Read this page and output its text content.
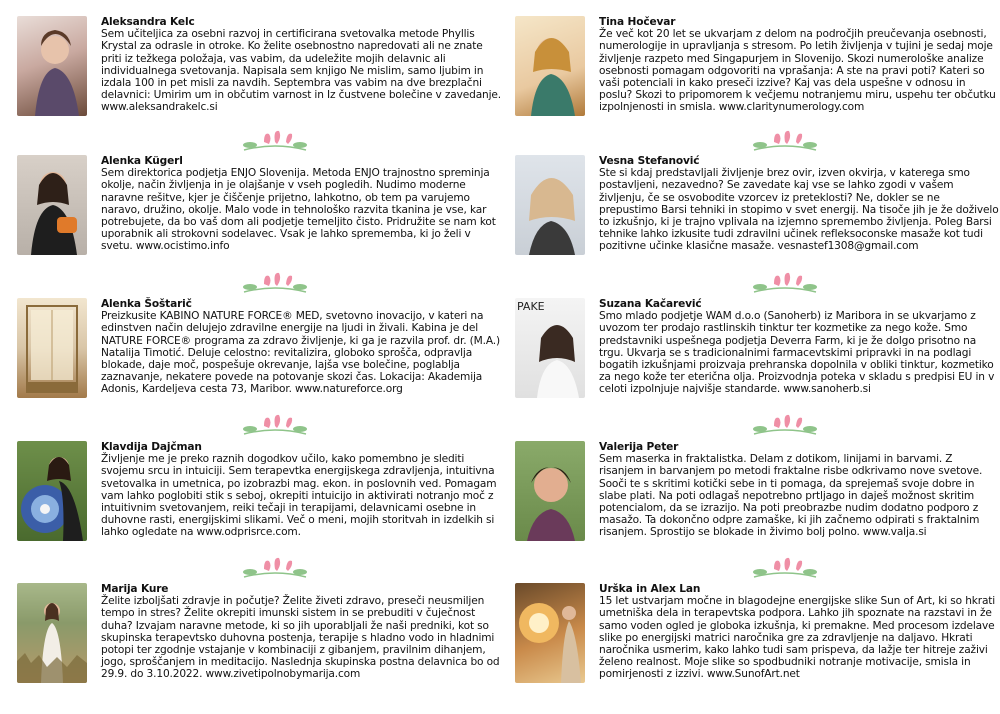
Aleksandra Kelc
Sem učiteljica za osebni razvoj in certificirana svetovalka metode Phyllis Krystal za odrasle in otroke. Ko želite osebnostno napredovati ali ne znate priti iz težkega položaja, vas vabim, da udeležite mojih delavnic ali individualnega svetovanja. Napisala sem knjigo Ne mislim, samo ljubim in izdala 100 in pet misli za navdih. Septembra vas vabim na dve brezplačni delavnici: Umirim um in občutim varnost in Iz čustvene bolečine v zavedanje. www.aleksandrakelc.si
Alenka Kügerl
Sem direktorica podjetja ENJO Slovenija. Metoda ENJO trajnostno spreminja okolje, način življenja in je olajšanje v vseh pogledih. Nudimo moderne naravne rešitve, kjer je čiščenje prijetno, lahkotno, ob tem pa varujemo naravo, družino, okolje. Malo vode in tehnološko razvita tkanina je vse, kar potrebujete, da bo vaš dom ali podjetje temeljito čisto. Pridružite se nam kot uporabnik ali strokovni sodelavec. Vsak je lahko sprememba, ki jo želi v svetu. www.ocistimo.info
Alenka Šoštarič
Preizkusite KABINO NATURE FORCE® MED, svetovno inovacijo, v kateri na edinstven način delujejo zdravilne energije na ljudi in živali. Kabina je del NATURE FORCE® programa za zdravo življenje, ki ga je razvila prof. dr. (M.A.) Natalija Timotić. Deluje celostno: revitalizira, globoko sprošča, odpravlja blokade, daje moč, pospešuje okrevanje, lajša vse bolečine, poglablja zaznavanje, nekatere povede na potovanje skozi čas. Lokacija: Akademija Adonis, Kardeljeva cesta 73, Maribor. www.natureforce.org
Klavdija Dajčman
Življenje me je preko raznih dogodkov učilo, kako pomembno je slediti svojemu srcu in intuiciji. Sem terapevtka energijskega zdravljenja, intuitivna svetovalka in umetnica, po izobrazbi mag. ekon. in poslovnih ved. Pomagam vam lahko poglobiti stik s seboj, okrepiti intuicijo in aktivirati notranjo moč z intuitivnim svetovanjem, reiki tečaji in terapijami, delavnicami osebne in duhovne rasti, energijskimi slikami. Več o meni, mojih storitvah in izdelkih si lahko ogledate na www.odprisrce.com.
Marija Kure
Želite izboljšati zdravje in počutje? Želite živeti zdravo, preseči neusmiljen tempo in stres? Želite okrepiti imunski sistem in se prebuditi v čuječnost duha? Izvajam naravne metode, ki so jih uporabljali že naši predniki, kot so skupinska terapevtsko duhovna postenja, terapije s hladno vodo in hladnimi potopi ter zgodnje vstajanje v kombinaciji z gibanjem, pravilnim dihanjem, jogo, sproščanjem in meditacijo. Naslednja skupinska postna delavnica bo od 29.9. do 3.10.2022. www.zivetipolnobymarija.com
Tina Hočevar
Že več kot 20 let se ukvarjam z delom na področjih preučevanja osebnosti, numerologije in upravljanja s stresom. Po letih življenja v tujini je sedaj moje življenje razpeto med Singapurjem in Slovenijo. Skozi numerološke analize osebnosti pomagam odgovoriti na vprašanja: A ste na pravi poti? Kateri so vaši potenciali in kako preseči izzive? Kaj vas dela uspešne v odnosu in poslu? Skozi to pripomorem k večjemu notranjemu miru, uspehu ter občutku izpolnjenosti in smisla. www.claritynumerology.com
Vesna Stefanović
Ste si kdaj predstavljali življenje brez ovir, izven okvirja, v katerega smo postavljeni, nezavedno? Se zavedate kaj vse se lahko zgodi v vašem življenju, če se osvobodite vzorcev iz preteklosti? Ne, dokler se ne prepustimo Barsi tehniki in stopimo v svet energij. Na tisoče jih je že doživelo to izkušnjo, ki je trajno vplivala na izjemno spremembo življenja. Poleg Barsi tehnike lahko izkusite tudi zdravilni učinek refleksoconske masaže kot tudi pozitivne učinke klasične masaže. vesnastef1308@gmail.com
PAKE	Suzana Kačarević
Smo mlado podjetje WAM d.o.o (Sanoherb) iz Maribora in se ukvarjamo z uvozom ter prodajo rastlinskih tinktur ter kozmetike za nego kože. Smo predstavniki uspešnega podjetja Deverra Farm, ki je že dolgo prisotno na trgu. Ukvarja se s tradicionalnimi farmacevtskimi pripravki in na podlagi bogatih izkušnjami proizvaja prehranska dopolnila v obliki tinktur, kozmetiko za nego kože ter eterična olja. Proizvodnja poteka v skladu s predpisi EU in v celoti izpolnjuje najvišje standarde. www.sanoherb.si
Valerija Peter
Sem maserka in fraktalistka. Delam z dotikom, linijami in barvami. Z risanjem in barvanjem po metodi fraktalne risbe odkrivamo nove svetove. Sooči te s skritimi kotički sebe in ti pomaga, da sprejemaš svoje dobre in slabe plati. Na poti odlagaš nepotrebno prtljago in daješ možnost skritim potencialom, da se izrazijo. Na poti preobrazbe nudim dodatno podporo z masažo. Ta dokončno odpre zamaške, ki jih začnemo odpirati s fraktalnim risanjem. Sprostijo se blokade in živimo bolj polno. www.valja.si
Urška in Alex Lan
15 let ustvarjam močne in blagodejne energijske slike Sun of Art, ki so hkrati umetniška dela in terapevtska podpora. Lahko jih spoznate na razstavi in že samo voden ogled je globoka izkušnja, ki premakne. Med procesom izdelave slike po energijski matrici naročnika gre za zdravljenje na daljavo. Hkrati naročnika usmerim, kako lahko tudi sam prispeva, da lažje ter hitreje zaživi želeno realnost. Moje slike so spodbudniki notranje motivacije, smisla in pomirjenosti z izzivi. www.SunofArt.net
